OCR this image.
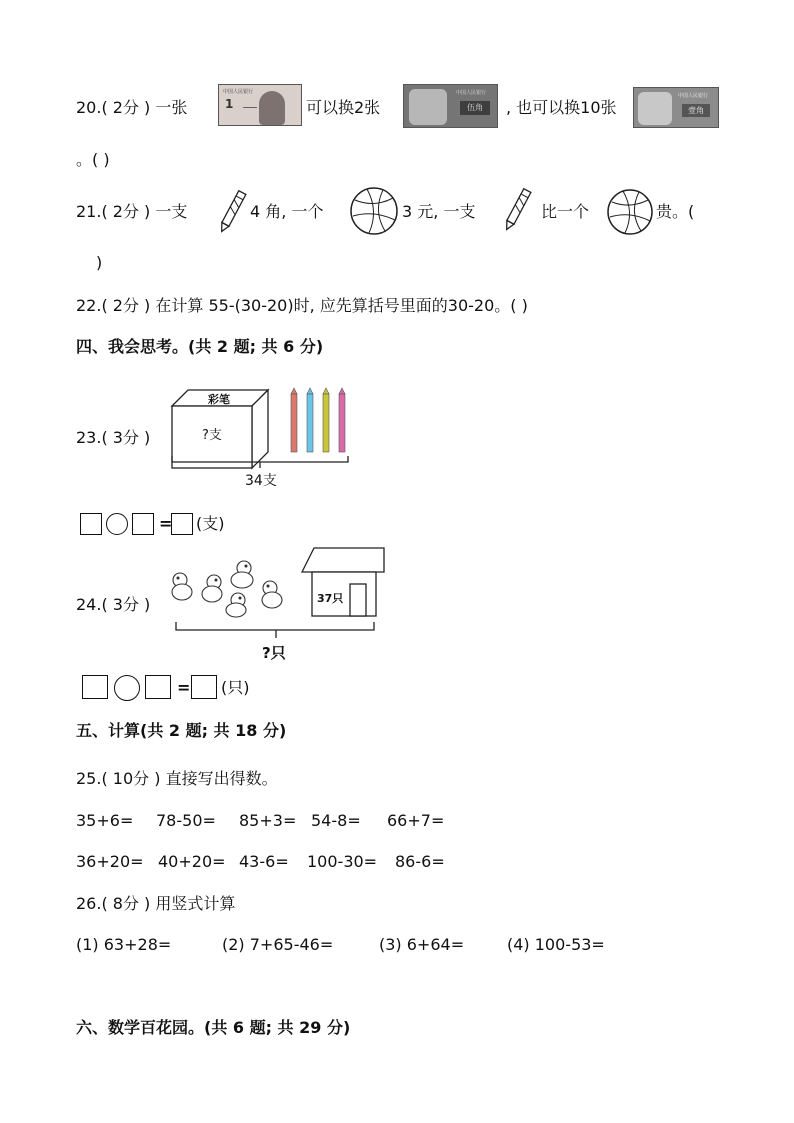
20.( 2分 ) 一张
中国人民银行
1	可以换2张
中国人民银行
伍角	, 也可以换10张
中国人民银行
壹角
。( )
21.( 2分 ) 一支	4 角, 一个	3 元, 一支	比一个	贵。(
)
22.( 2分 ) 在计算 55-(30-20)时, 应先算括号里面的30-20。( )
四、我会思考。(共 2 题; 共 6 分)
23.( 3分 )
彩笔
?支
34支
= (支)
24.( 3分 )	37只
?只
= (只)
五、计算(共 2 题; 共 18 分)
25.( 10分 ) 直接写出得数。
35+6= 78-50= 85+3= 54-8= 66+7=
36+20= 40+20= 43-6= 100-30= 86-6=
26.( 8分 ) 用竖式计算
(1) 63+28=	(2) 7+65-46=	(3) 6+64=	(4) 100-53=
六、数学百花园。(共 6 题; 共 29 分)
